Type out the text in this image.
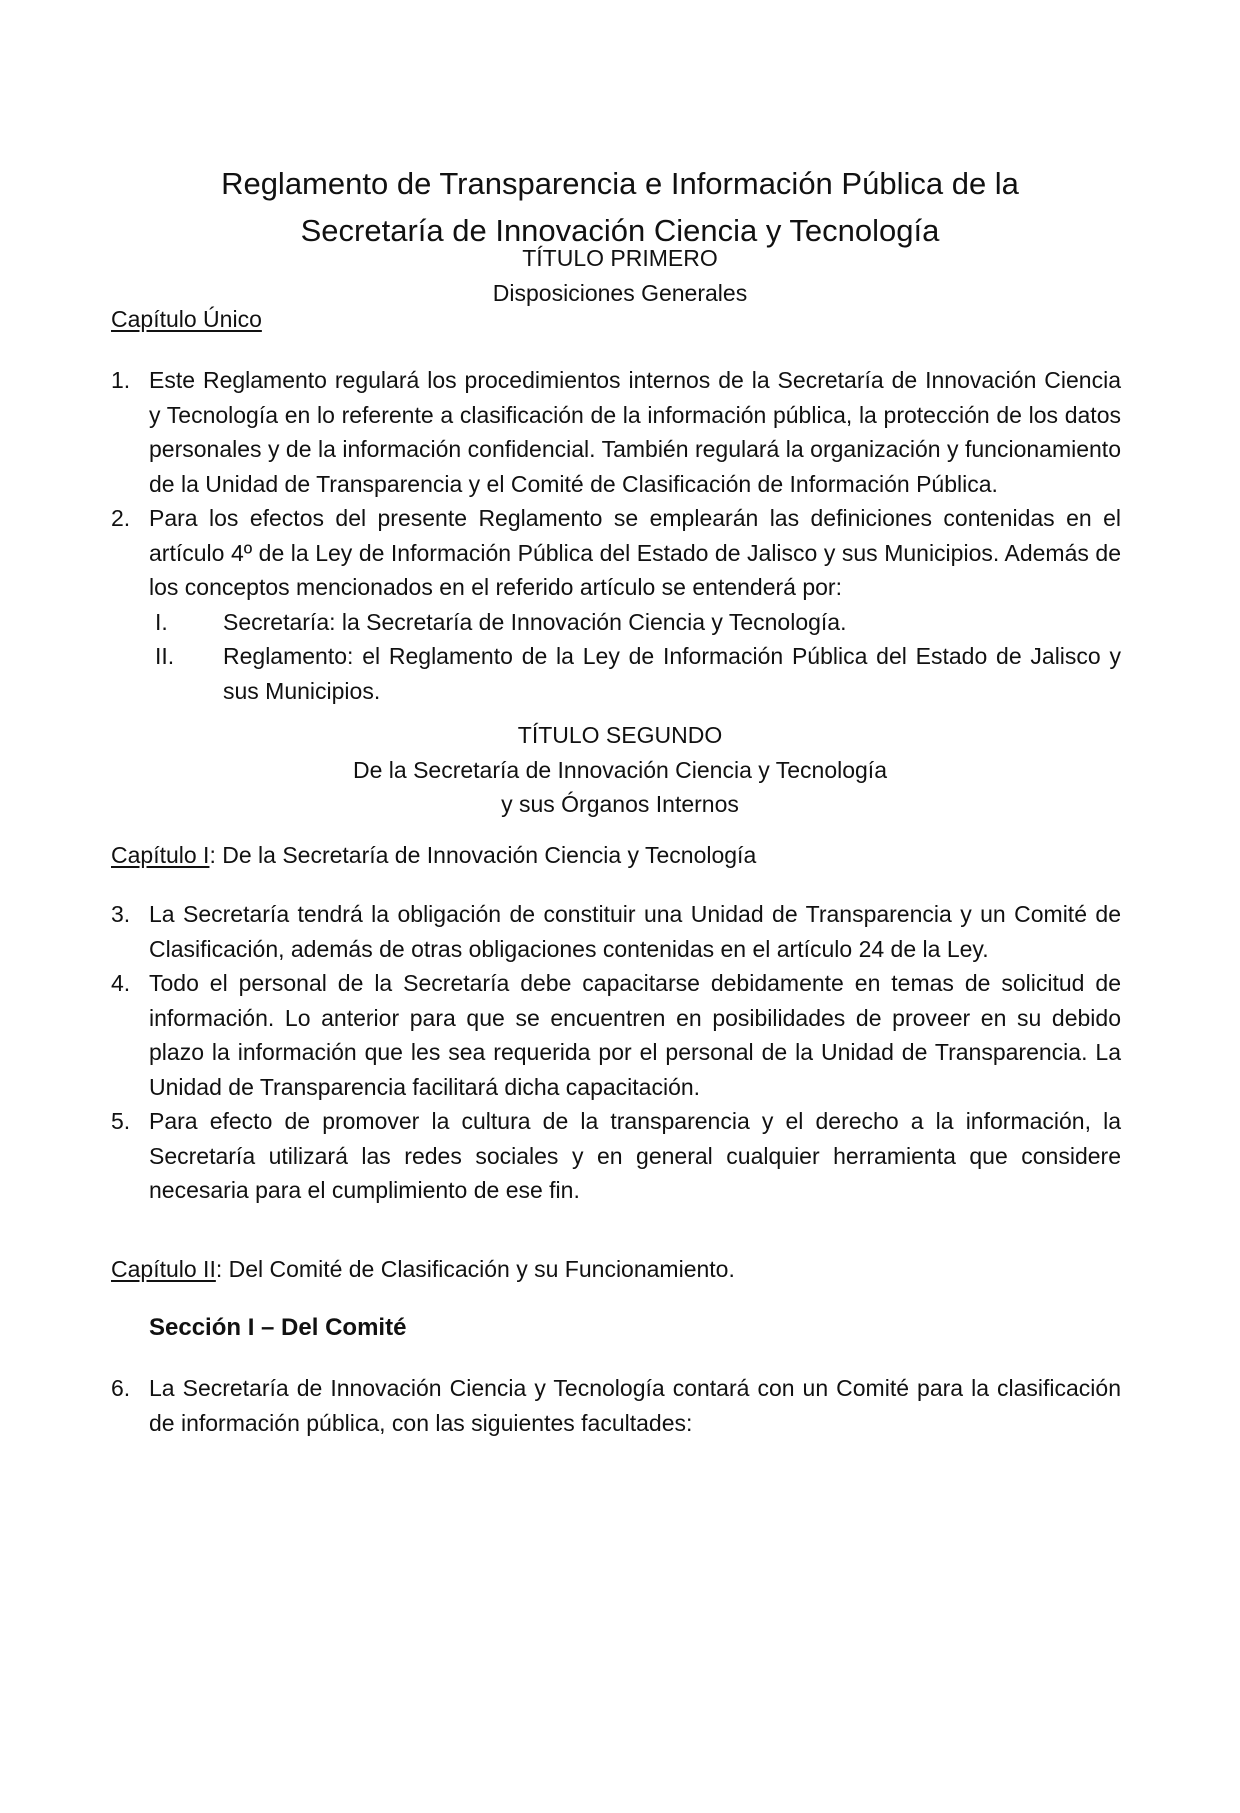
Reglamento de Transparencia e Información Pública de la
Secretaría de Innovación Ciencia y Tecnología
TÍTULO PRIMERO
Disposiciones Generales
Capítulo Único
1. Este Reglamento regulará los procedimientos internos de la Secretaría de Innovación Ciencia y Tecnología en lo referente a clasificación de la información pública, la protección de los datos personales y de la información confidencial. También regulará la organización y funcionamiento de la Unidad de Transparencia y el Comité de Clasificación de Información Pública.
2. Para los efectos del presente Reglamento se emplearán las definiciones contenidas en el artículo 4º de la Ley de Información Pública del Estado de Jalisco y sus Municipios. Además de los conceptos mencionados en el referido artículo se entenderá por:
I. Secretaría: la Secretaría de Innovación Ciencia y Tecnología.
II. Reglamento: el Reglamento de la Ley de Información Pública del Estado de Jalisco y sus Municipios.
TÍTULO SEGUNDO
De la Secretaría de Innovación Ciencia y Tecnología
y sus Órganos Internos
Capítulo I: De la Secretaría de Innovación Ciencia y Tecnología
3. La Secretaría tendrá la obligación de constituir una Unidad de Transparencia y un Comité de Clasificación, además de otras obligaciones contenidas en el artículo 24 de la Ley.
4. Todo el personal de la Secretaría debe capacitarse debidamente en temas de solicitud de información. Lo anterior para que se encuentren en posibilidades de proveer en su debido plazo la información que les sea requerida por el personal de la Unidad de Transparencia. La Unidad de Transparencia facilitará dicha capacitación.
5. Para efecto de promover la cultura de la transparencia y el derecho a la información, la Secretaría utilizará las redes sociales y en general cualquier herramienta que considere necesaria para el cumplimiento de ese fin.
Capítulo II: Del Comité de Clasificación y su Funcionamiento.
Sección I – Del Comité
6. La Secretaría de Innovación Ciencia y Tecnología contará con un Comité para la clasificación de información pública, con las siguientes facultades:
